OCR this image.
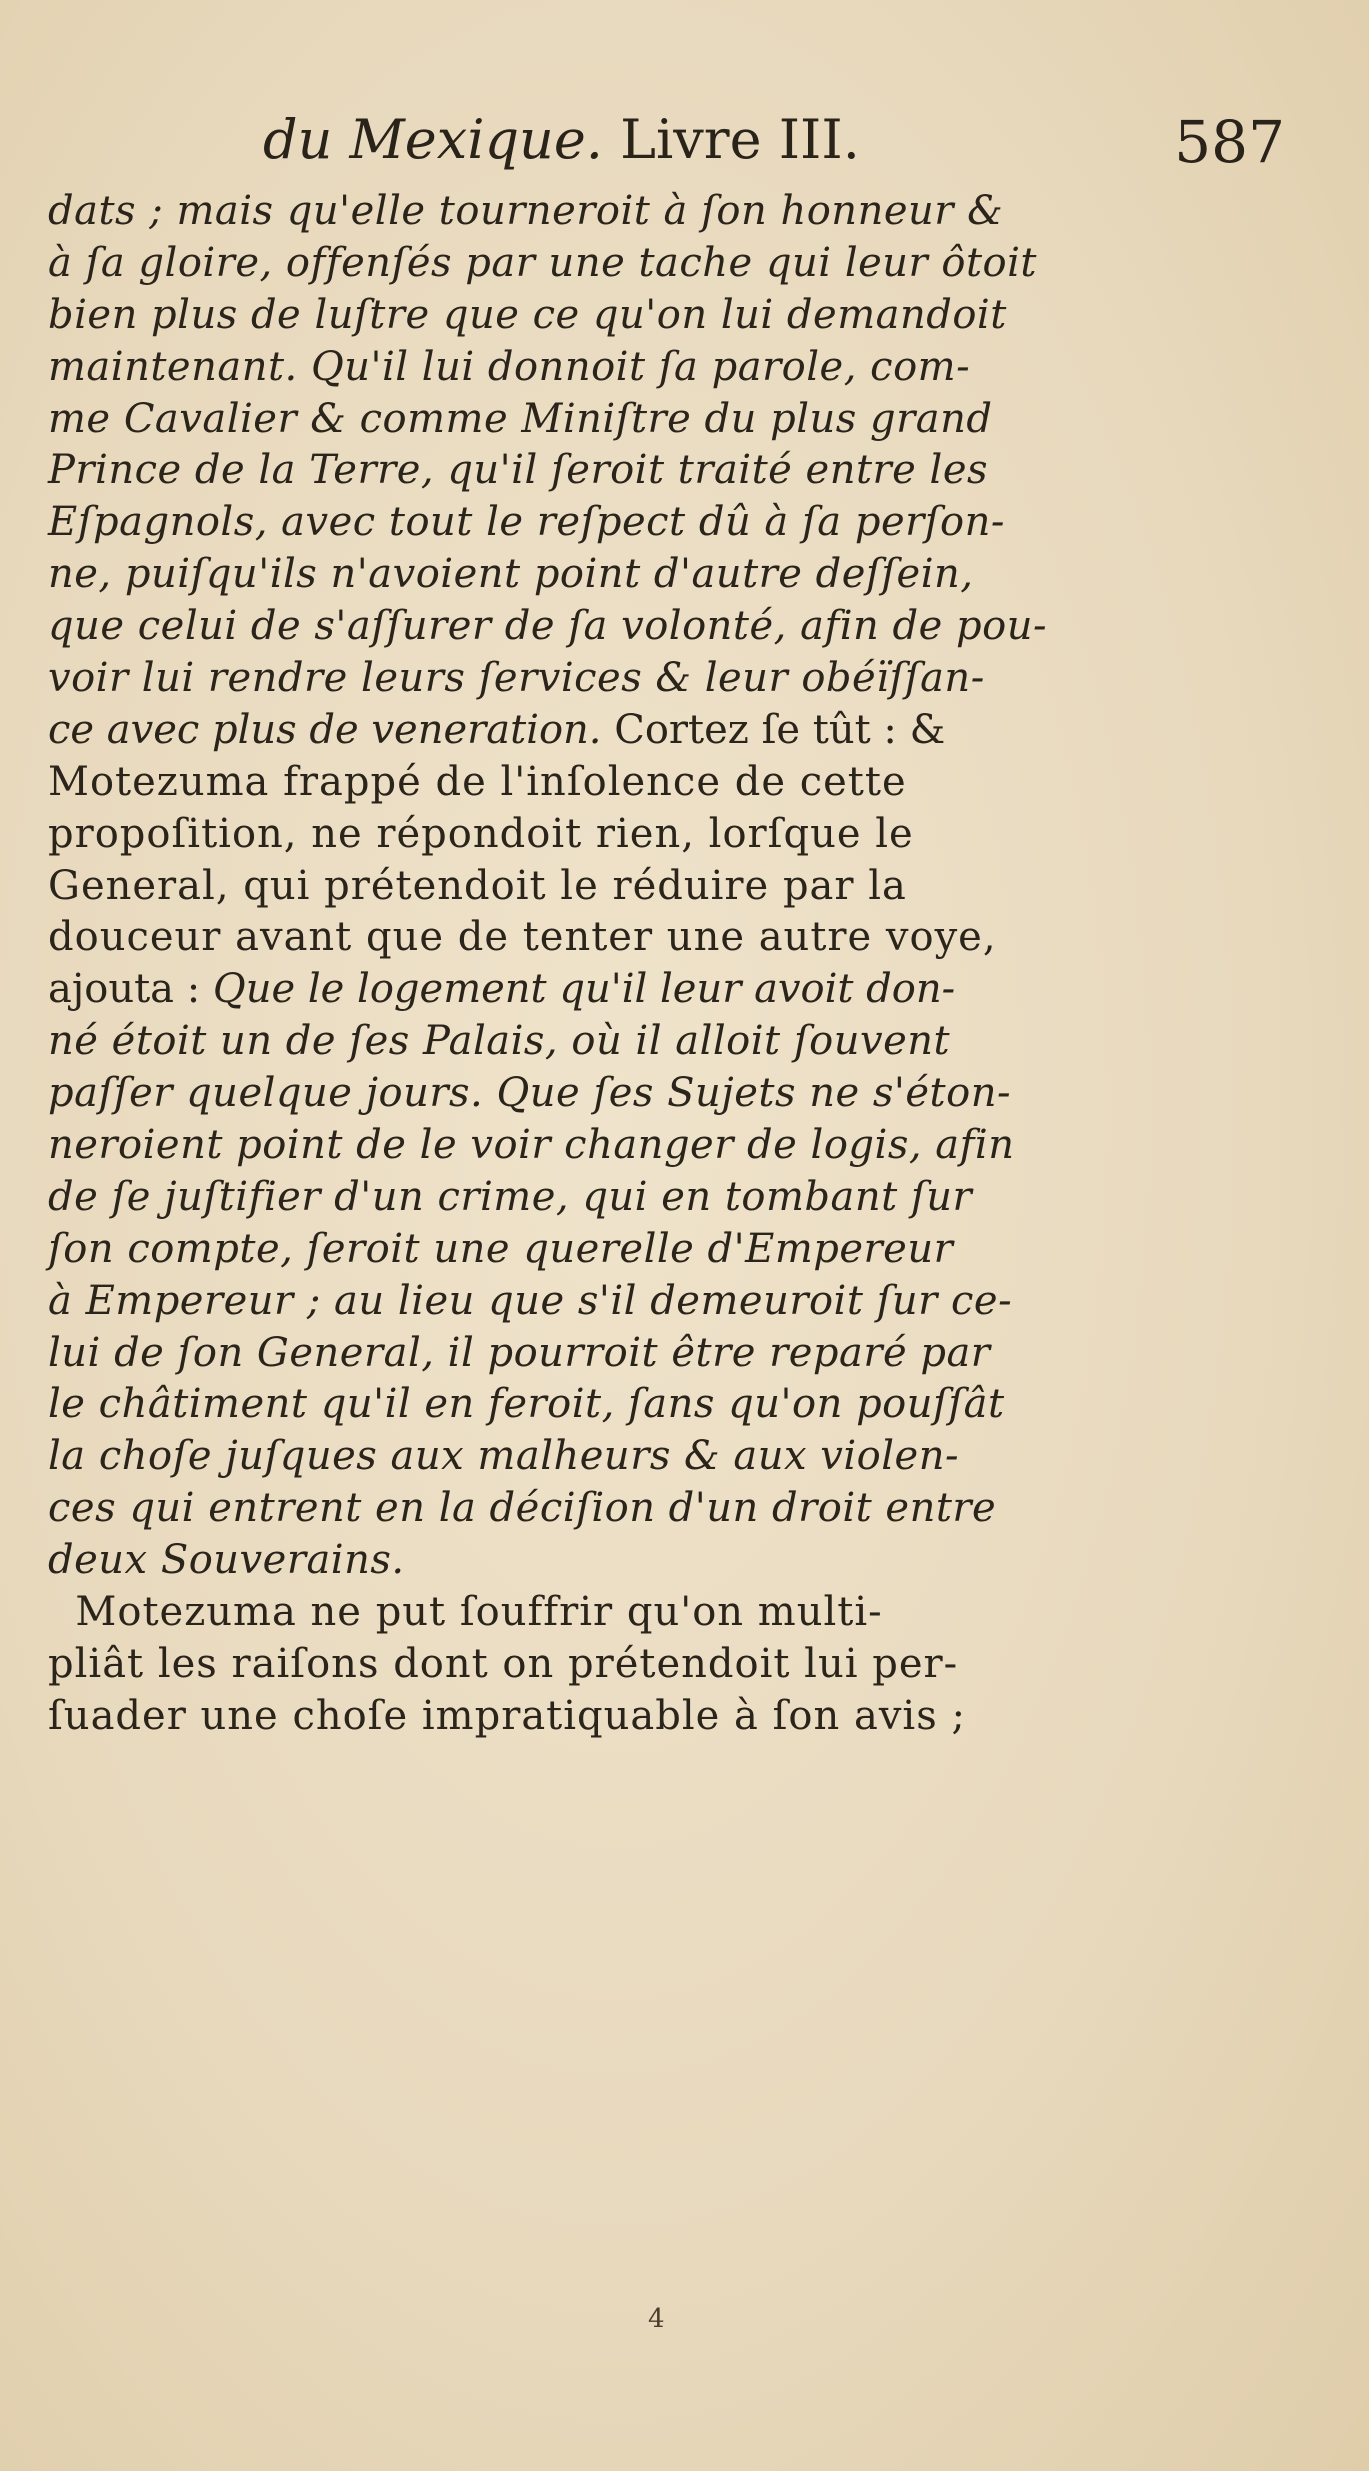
du Mexique. Livre III.	587
dats ; mais qu'elle tourneroit à ſon honneur &
à ſa gloire, offenſés par une tache qui leur ôtoit
bien plus de luſtre que ce qu'on lui demandoit
maintenant. Qu'il lui donnoit ſa parole, com-
me Cavalier & comme Miniſtre du plus grand
Prince de la Terre, qu'il ſeroit traité entre les
Eſpagnols, avec tout le reſpect dû à ſa perſon-
ne, puiſqu'ils n'avoient point d'autre deſſein,
que celui de s'aſſurer de ſa volonté, afin de pou-
voir lui rendre leurs ſervices & leur obéïſſan-
ce avec plus de veneration. Cortez ſe tût : &
Motezuma frappé de l'inſolence de cette
propoſition, ne répondoit rien, lorſque le
General, qui prétendoit le réduire par la
douceur avant que de tenter une autre voye,
ajouta : Que le logement qu'il leur avoit don-
né étoit un de ſes Palais, où il alloit ſouvent
paſſer quelque jours. Que ſes Sujets ne s'éton-
neroient point de le voir changer de logis, afin
de ſe juſtifier d'un crime, qui en tombant ſur
ſon compte, ſeroit une querelle d'Empereur
à Empereur ; au lieu que s'il demeuroit ſur ce-
lui de ſon General, il pourroit être reparé par
le châtiment qu'il en feroit, ſans qu'on pouſſât
la choſe juſques aux malheurs & aux violen-
ces qui entrent en la déciſion d'un droit entre
deux Souverains.
Motezuma ne put ſouffrir qu'on multi-
pliât les raiſons dont on prétendoit lui per-
ſuader une choſe impratiquable à ſon avis ;
4
